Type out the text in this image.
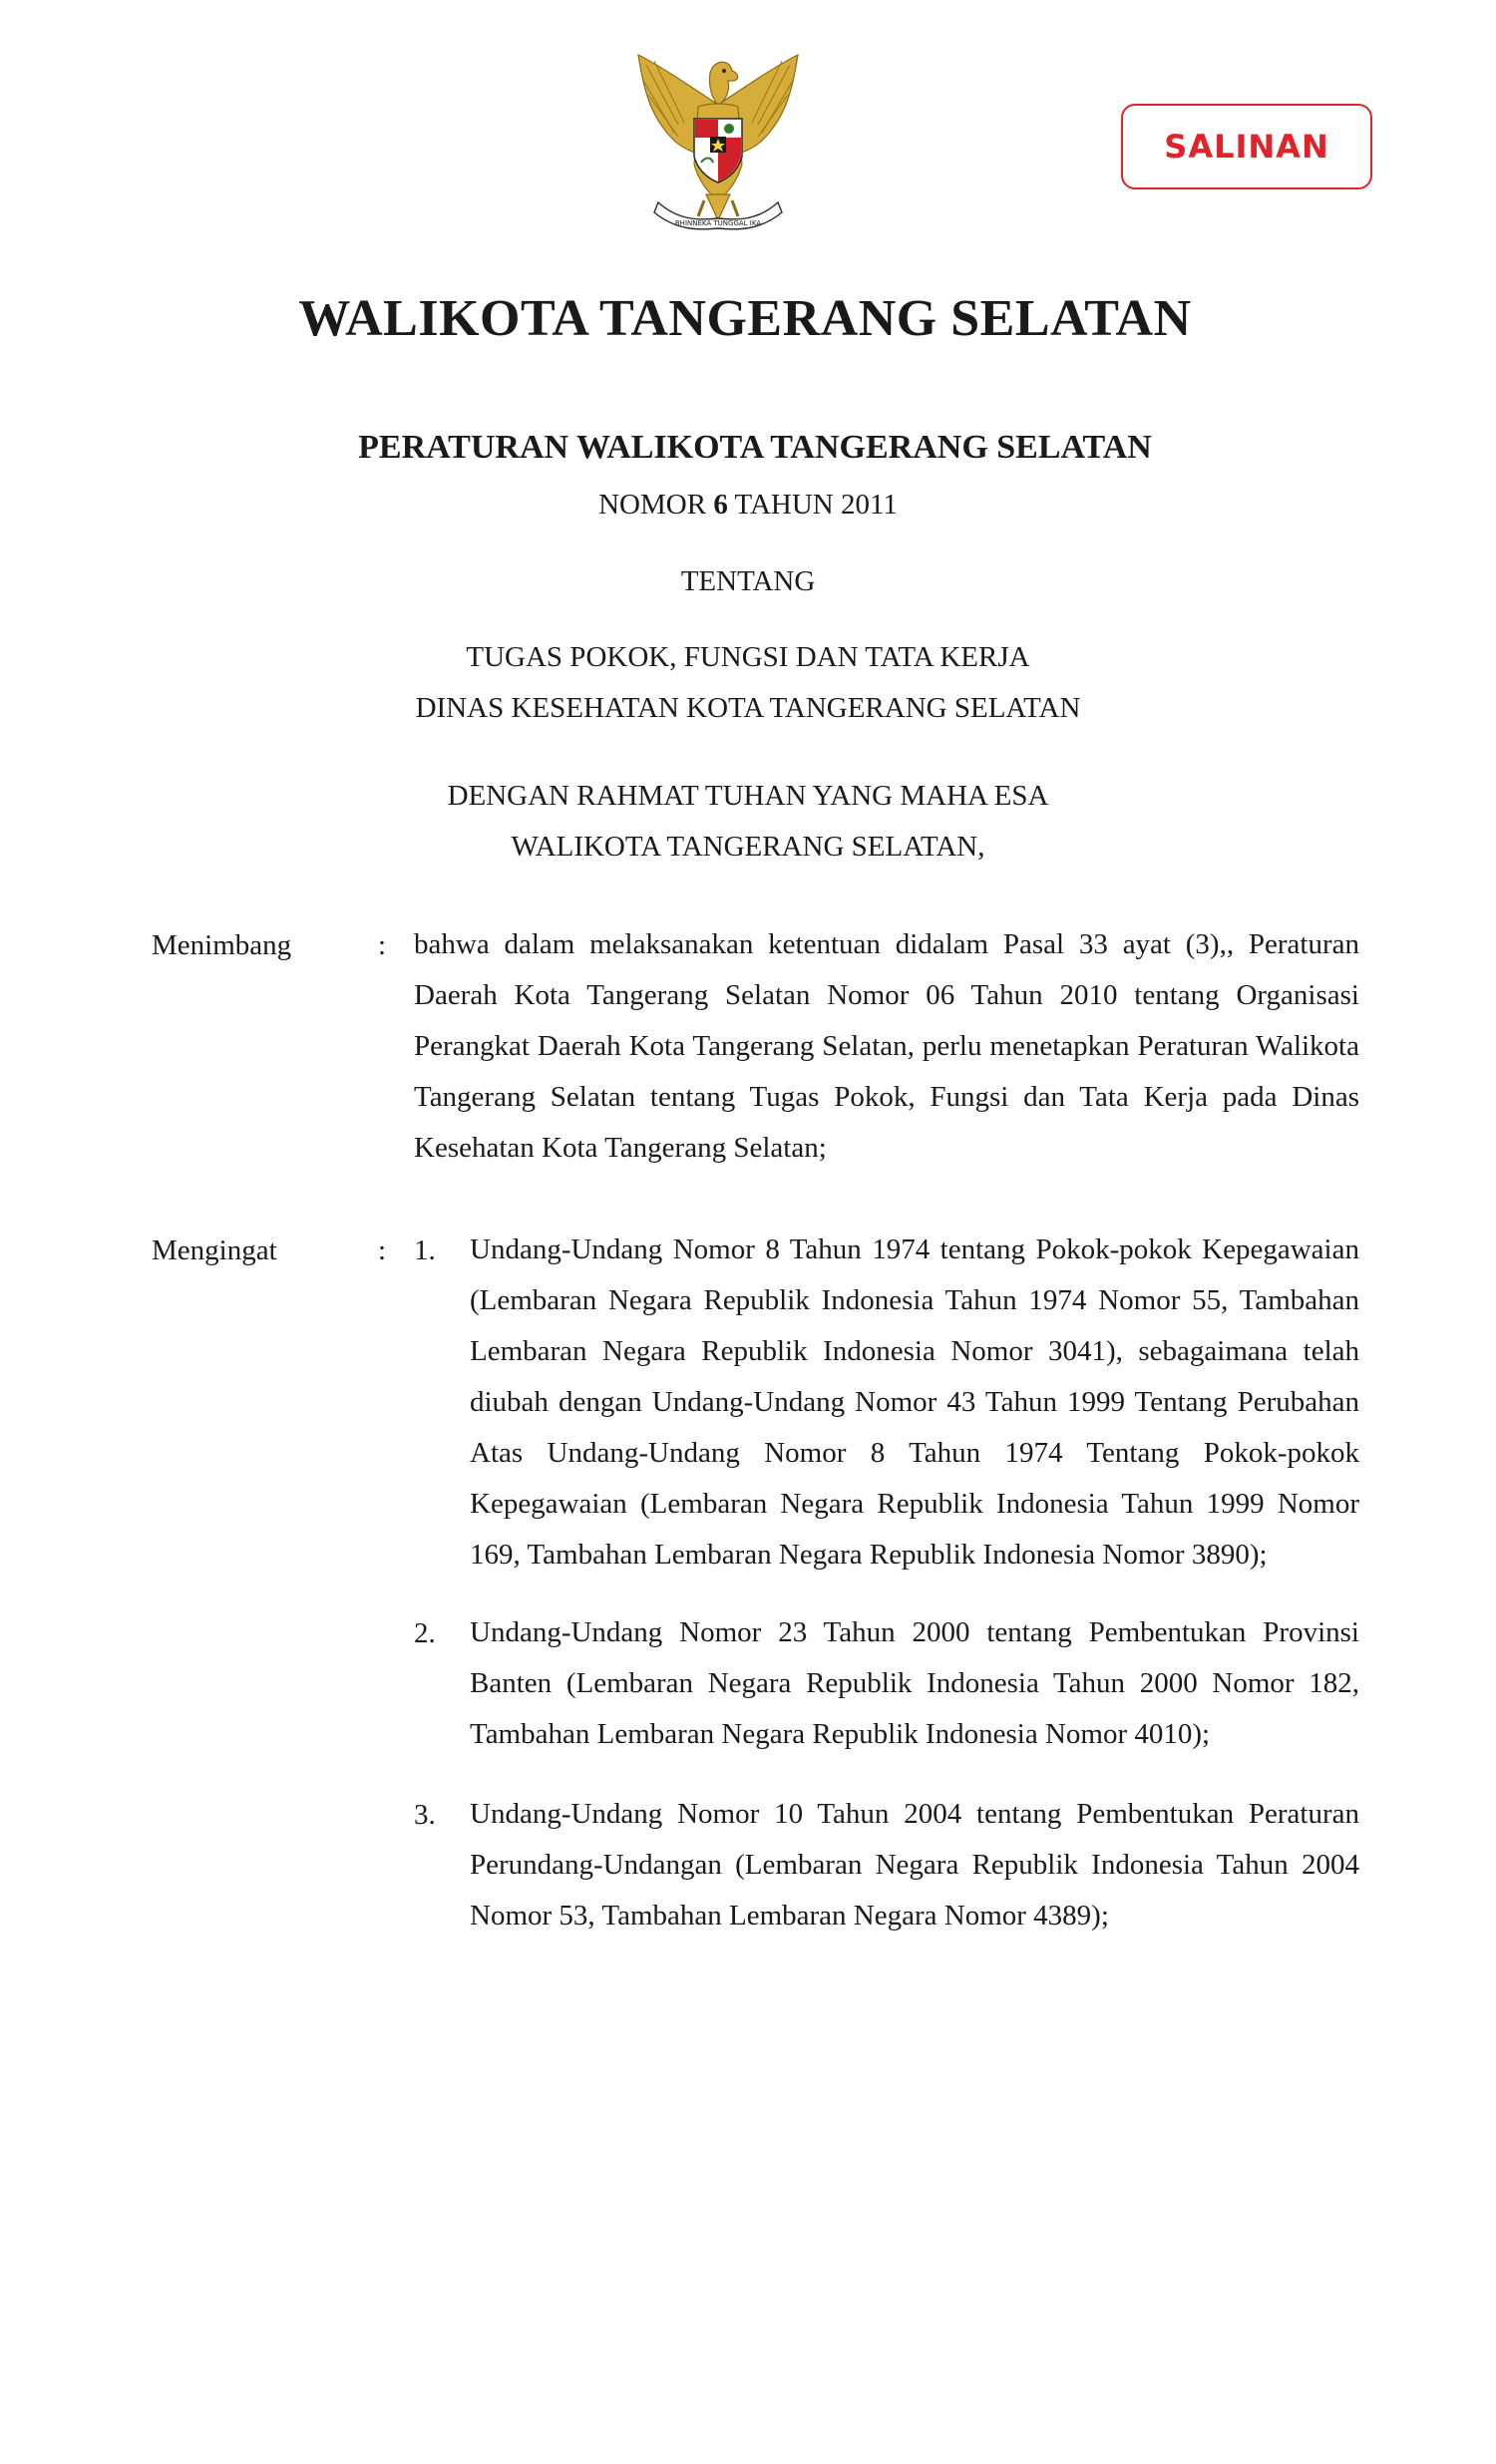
BHINNEKA TUNGGAL IKA
SALINAN
WALIKOTA TANGERANG SELATAN
PERATURAN WALIKOTA TANGERANG SELATAN
NOMOR 6 TAHUN 2011
TENTANG
TUGAS POKOK, FUNGSI DAN TATA KERJA
DINAS KESEHATAN KOTA TANGERANG SELATAN
DENGAN RAHMAT TUHAN YANG MAHA ESA
WALIKOTA TANGERANG SELATAN,
Menimbang	: bahwa dalam melaksanakan ketentuan didalam Pasal 33 ayat (3),, Peraturan Daerah Kota Tangerang Selatan Nomor 06 Tahun 2010 tentang Organisasi Perangkat Daerah Kota Tangerang Selatan, perlu menetapkan Peraturan Walikota Tangerang Selatan tentang Tugas Pokok, Fungsi dan Tata Kerja pada Dinas Kesehatan Kota Tangerang Selatan;
Mengingat	: 1. Undang-Undang Nomor 8 Tahun 1974 tentang Pokok-pokok Kepegawaian (Lembaran Negara Republik Indonesia Tahun 1974 Nomor 55, Tambahan Lembaran Negara Republik Indonesia Nomor 3041), sebagaimana telah diubah dengan Undang-Undang Nomor 43 Tahun 1999 Tentang Perubahan Atas Undang-Undang Nomor 8 Tahun 1974 Tentang Pokok-pokok Kepegawaian (Lembaran Negara Republik Indonesia Tahun 1999 Nomor 169, Tambahan Lembaran Negara Republik Indonesia Nomor 3890);
2. Undang-Undang Nomor 23 Tahun 2000 tentang Pembentukan Provinsi Banten (Lembaran Negara Republik Indonesia Tahun 2000 Nomor 182, Tambahan Lembaran Negara Republik Indonesia Nomor 4010);
3. Undang-Undang Nomor 10 Tahun 2004 tentang Pembentukan Peraturan Perundang-Undangan (Lembaran Negara Republik Indonesia Tahun 2004 Nomor 53, Tambahan Lembaran Negara Nomor 4389);
